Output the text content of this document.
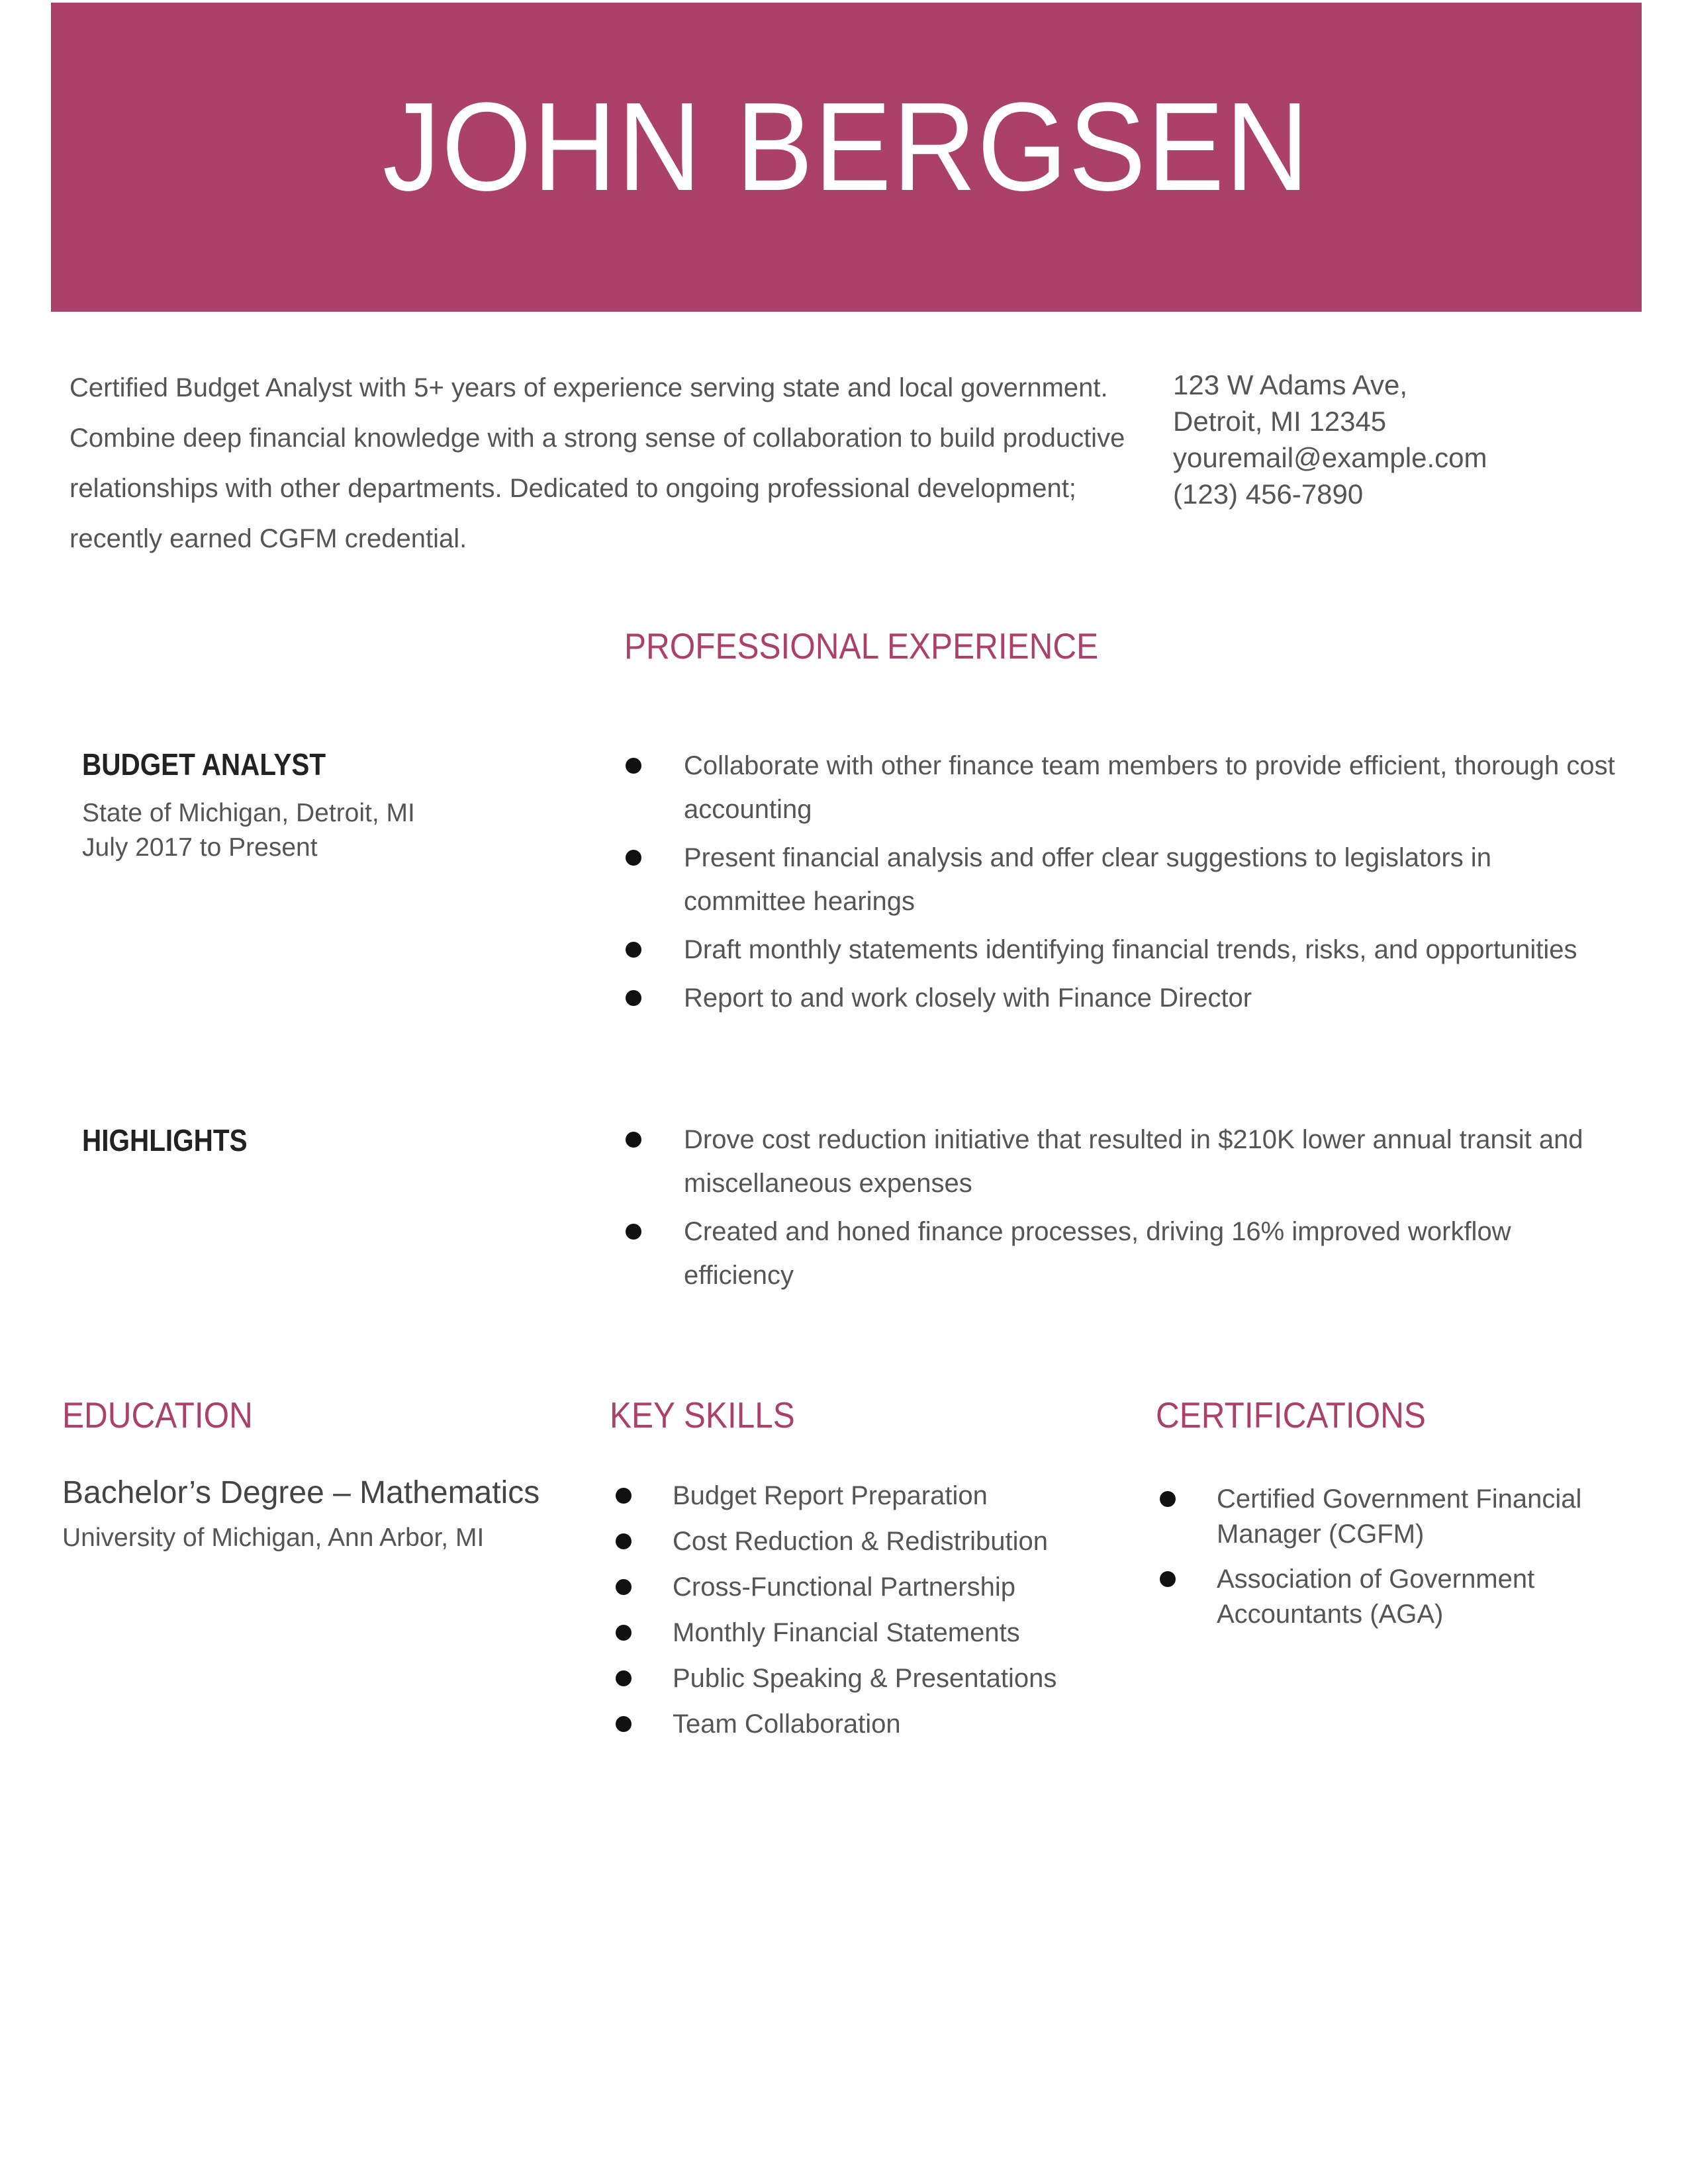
JOHN BERGSEN
Certified Budget Analyst with 5+ years of experience serving state and local government.
Combine deep financial knowledge with a strong sense of collaboration to build productive
relationships with other departments. Dedicated to ongoing professional development;
recently earned CGFM credential.
123 W Adams Ave,
Detroit, MI 12345
youremail@example.com
(123) 456-7890
PROFESSIONAL EXPERIENCE
BUDGET ANALYST
State of Michigan, Detroit, MI
July 2017 to Present
Collaborate with other finance team members to provide efficient, thorough cost accounting
Present financial analysis and offer clear suggestions to legislators in committee hearings
Draft monthly statements identifying financial trends, risks, and opportunities
Report to and work closely with Finance Director
HIGHLIGHTS	Drove cost reduction initiative that resulted in $210K lower annual transit and miscellaneous expenses
Created and honed finance processes, driving 16% improved workflow efficiency
EDUCATION
Bachelor’s Degree – Mathematics
University of Michigan, Ann Arbor, MI
KEY SKILLS
Budget Report Preparation
Cost Reduction & Redistribution
Cross-Functional Partnership
Monthly Financial Statements
Public Speaking & Presentations
Team Collaboration
CERTIFICATIONS
Certified Government Financial Manager (CGFM)
Association of Government Accountants (AGA)
